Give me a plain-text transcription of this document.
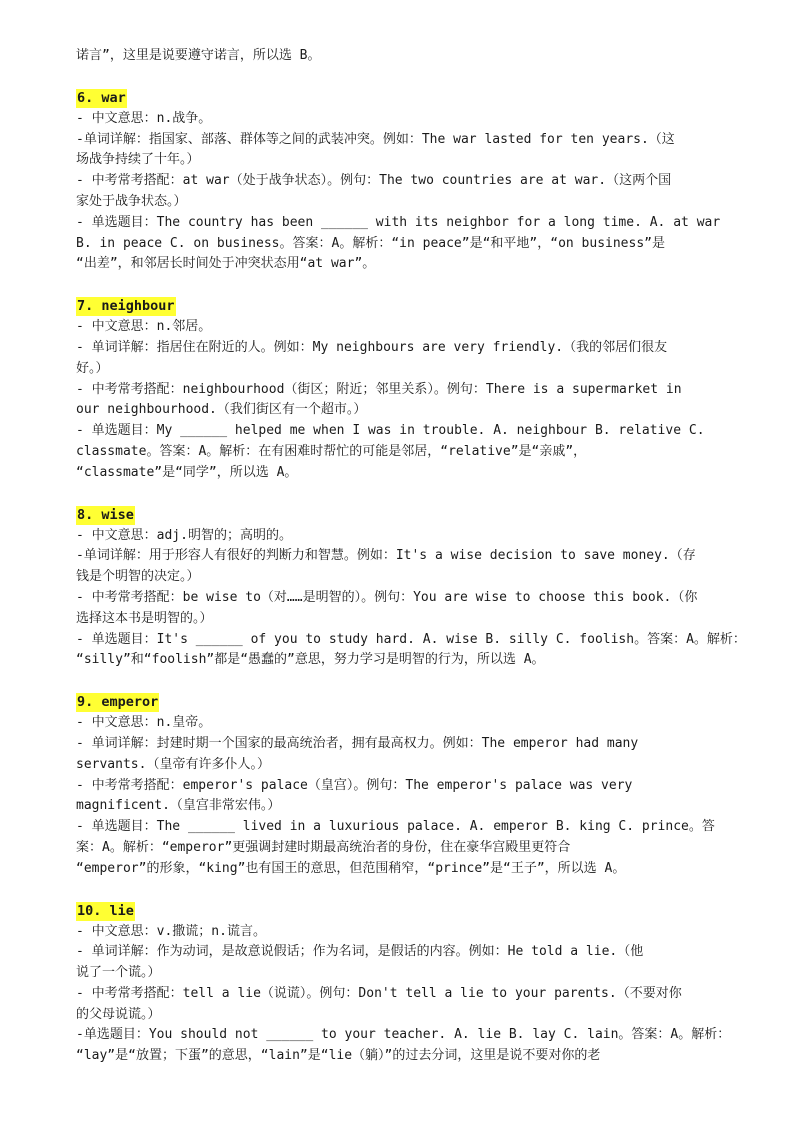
诺言”，这里是说要遵守诺言，所以选 B。

6. war

- 中文意思：n.战争。

-单词详解：指国家、部落、群体等之间的武装冲突。例如：The war lasted for ten years.（这

场战争持续了十年。）

- 中考常考搭配：at war（处于战争状态）。例句：The two countries are at war.（这两个国

家处于战争状态。）

- 单选题目：The country has been ______ with its neighbor for a long time. A. at war

B. in peace C. on business。答案：A。解析：“in peace”是“和平地”，“on business”是

“出差”，和邻居长时间处于冲突状态用“at war”。

7. neighbour

- 中文意思：n.邻居。

- 单词详解：指居住在附近的人。例如：My neighbours are very friendly.（我的邻居们很友

好。）

- 中考常考搭配：neighbourhood（街区；附近；邻里关系）。例句：There is a supermarket in

our neighbourhood.（我们街区有一个超市。）

- 单选题目：My ______ helped me when I was in trouble. A. neighbour B. relative C.

classmate。答案：A。解析：在有困难时帮忙的可能是邻居，“relative”是“亲戚”，

“classmate”是“同学”，所以选 A。

8. wise

- 中文意思：adj.明智的；高明的。

-单词详解：用于形容人有很好的判断力和智慧。例如：It's a wise decision to save money.（存

钱是个明智的决定。）

- 中考常考搭配：be wise to（对……是明智的）。例句：You are wise to choose this book.（你

选择这本书是明智的。）

- 单选题目：It's ______ of you to study hard. A. wise B. silly C. foolish。答案：A。解析：

“silly”和“foolish”都是“愚蠢的”意思，努力学习是明智的行为，所以选 A。

9. emperor

- 中文意思：n.皇帝。

- 单词详解：封建时期一个国家的最高统治者，拥有最高权力。例如：The emperor had many

servants.（皇帝有许多仆人。）

- 中考常考搭配：emperor's palace（皇宫）。例句：The emperor's palace was very

magnificent.（皇宫非常宏伟。）

- 单选题目：The ______ lived in a luxurious palace. A. emperor B. king C. prince。答

案：A。解析：“emperor”更强调封建时期最高统治者的身份，住在豪华宫殿里更符合

“emperor”的形象，“king”也有国王的意思，但范围稍窄，“prince”是“王子”，所以选 A。

10. lie

- 中文意思：v.撒谎；n.谎言。

- 单词详解：作为动词，是故意说假话；作为名词，是假话的内容。例如：He told a lie.（他

说了一个谎。）

- 中考常考搭配：tell a lie（说谎）。例句：Don't tell a lie to your parents.（不要对你

的父母说谎。）

-单选题目：You should not ______ to your teacher. A. lie B. lay C. lain。答案：A。解析：

“lay”是“放置；下蛋”的意思，“lain”是“lie（躺）”的过去分词，这里是说不要对你的老
